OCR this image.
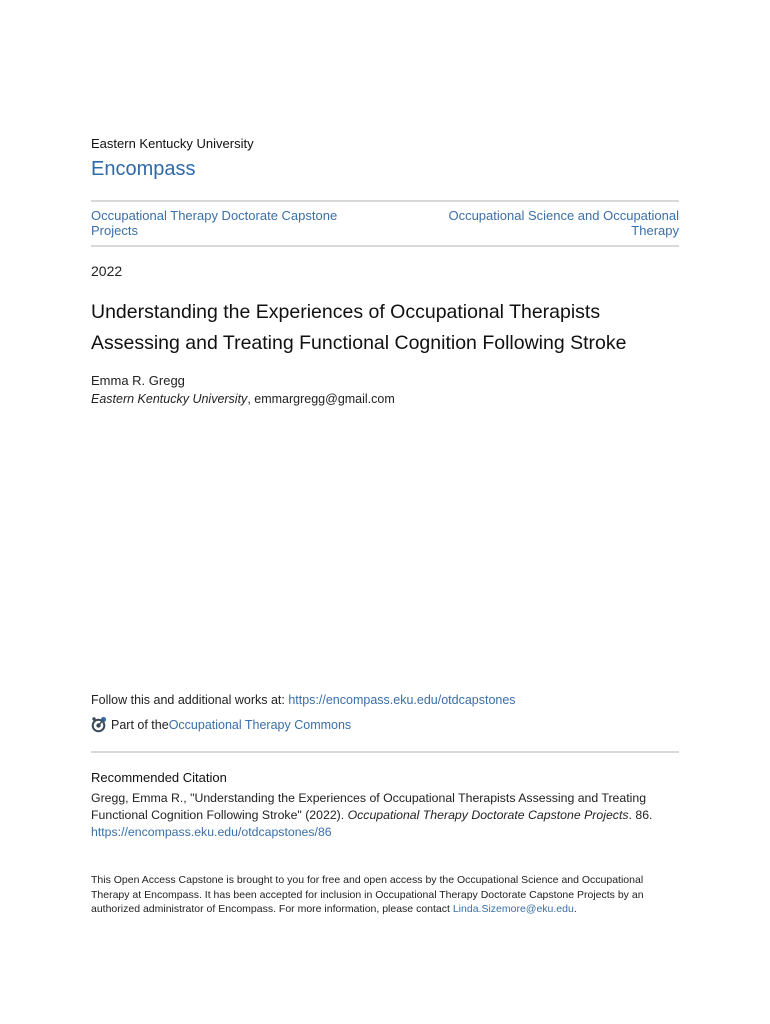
Eastern Kentucky University
Encompass
Occupational Therapy Doctorate Capstone Projects
Occupational Science and Occupational Therapy
2022
Understanding the Experiences of Occupational Therapists Assessing and Treating Functional Cognition Following Stroke
Emma R. Gregg
Eastern Kentucky University, emmargregg@gmail.com
Follow this and additional works at: https://encompass.eku.edu/otdcapstones
Part of the Occupational Therapy Commons
Recommended Citation
Gregg, Emma R., "Understanding the Experiences of Occupational Therapists Assessing and Treating Functional Cognition Following Stroke" (2022). Occupational Therapy Doctorate Capstone Projects. 86.
https://encompass.eku.edu/otdcapstones/86
This Open Access Capstone is brought to you for free and open access by the Occupational Science and Occupational Therapy at Encompass. It has been accepted for inclusion in Occupational Therapy Doctorate Capstone Projects by an authorized administrator of Encompass. For more information, please contact Linda.Sizemore@eku.edu.
